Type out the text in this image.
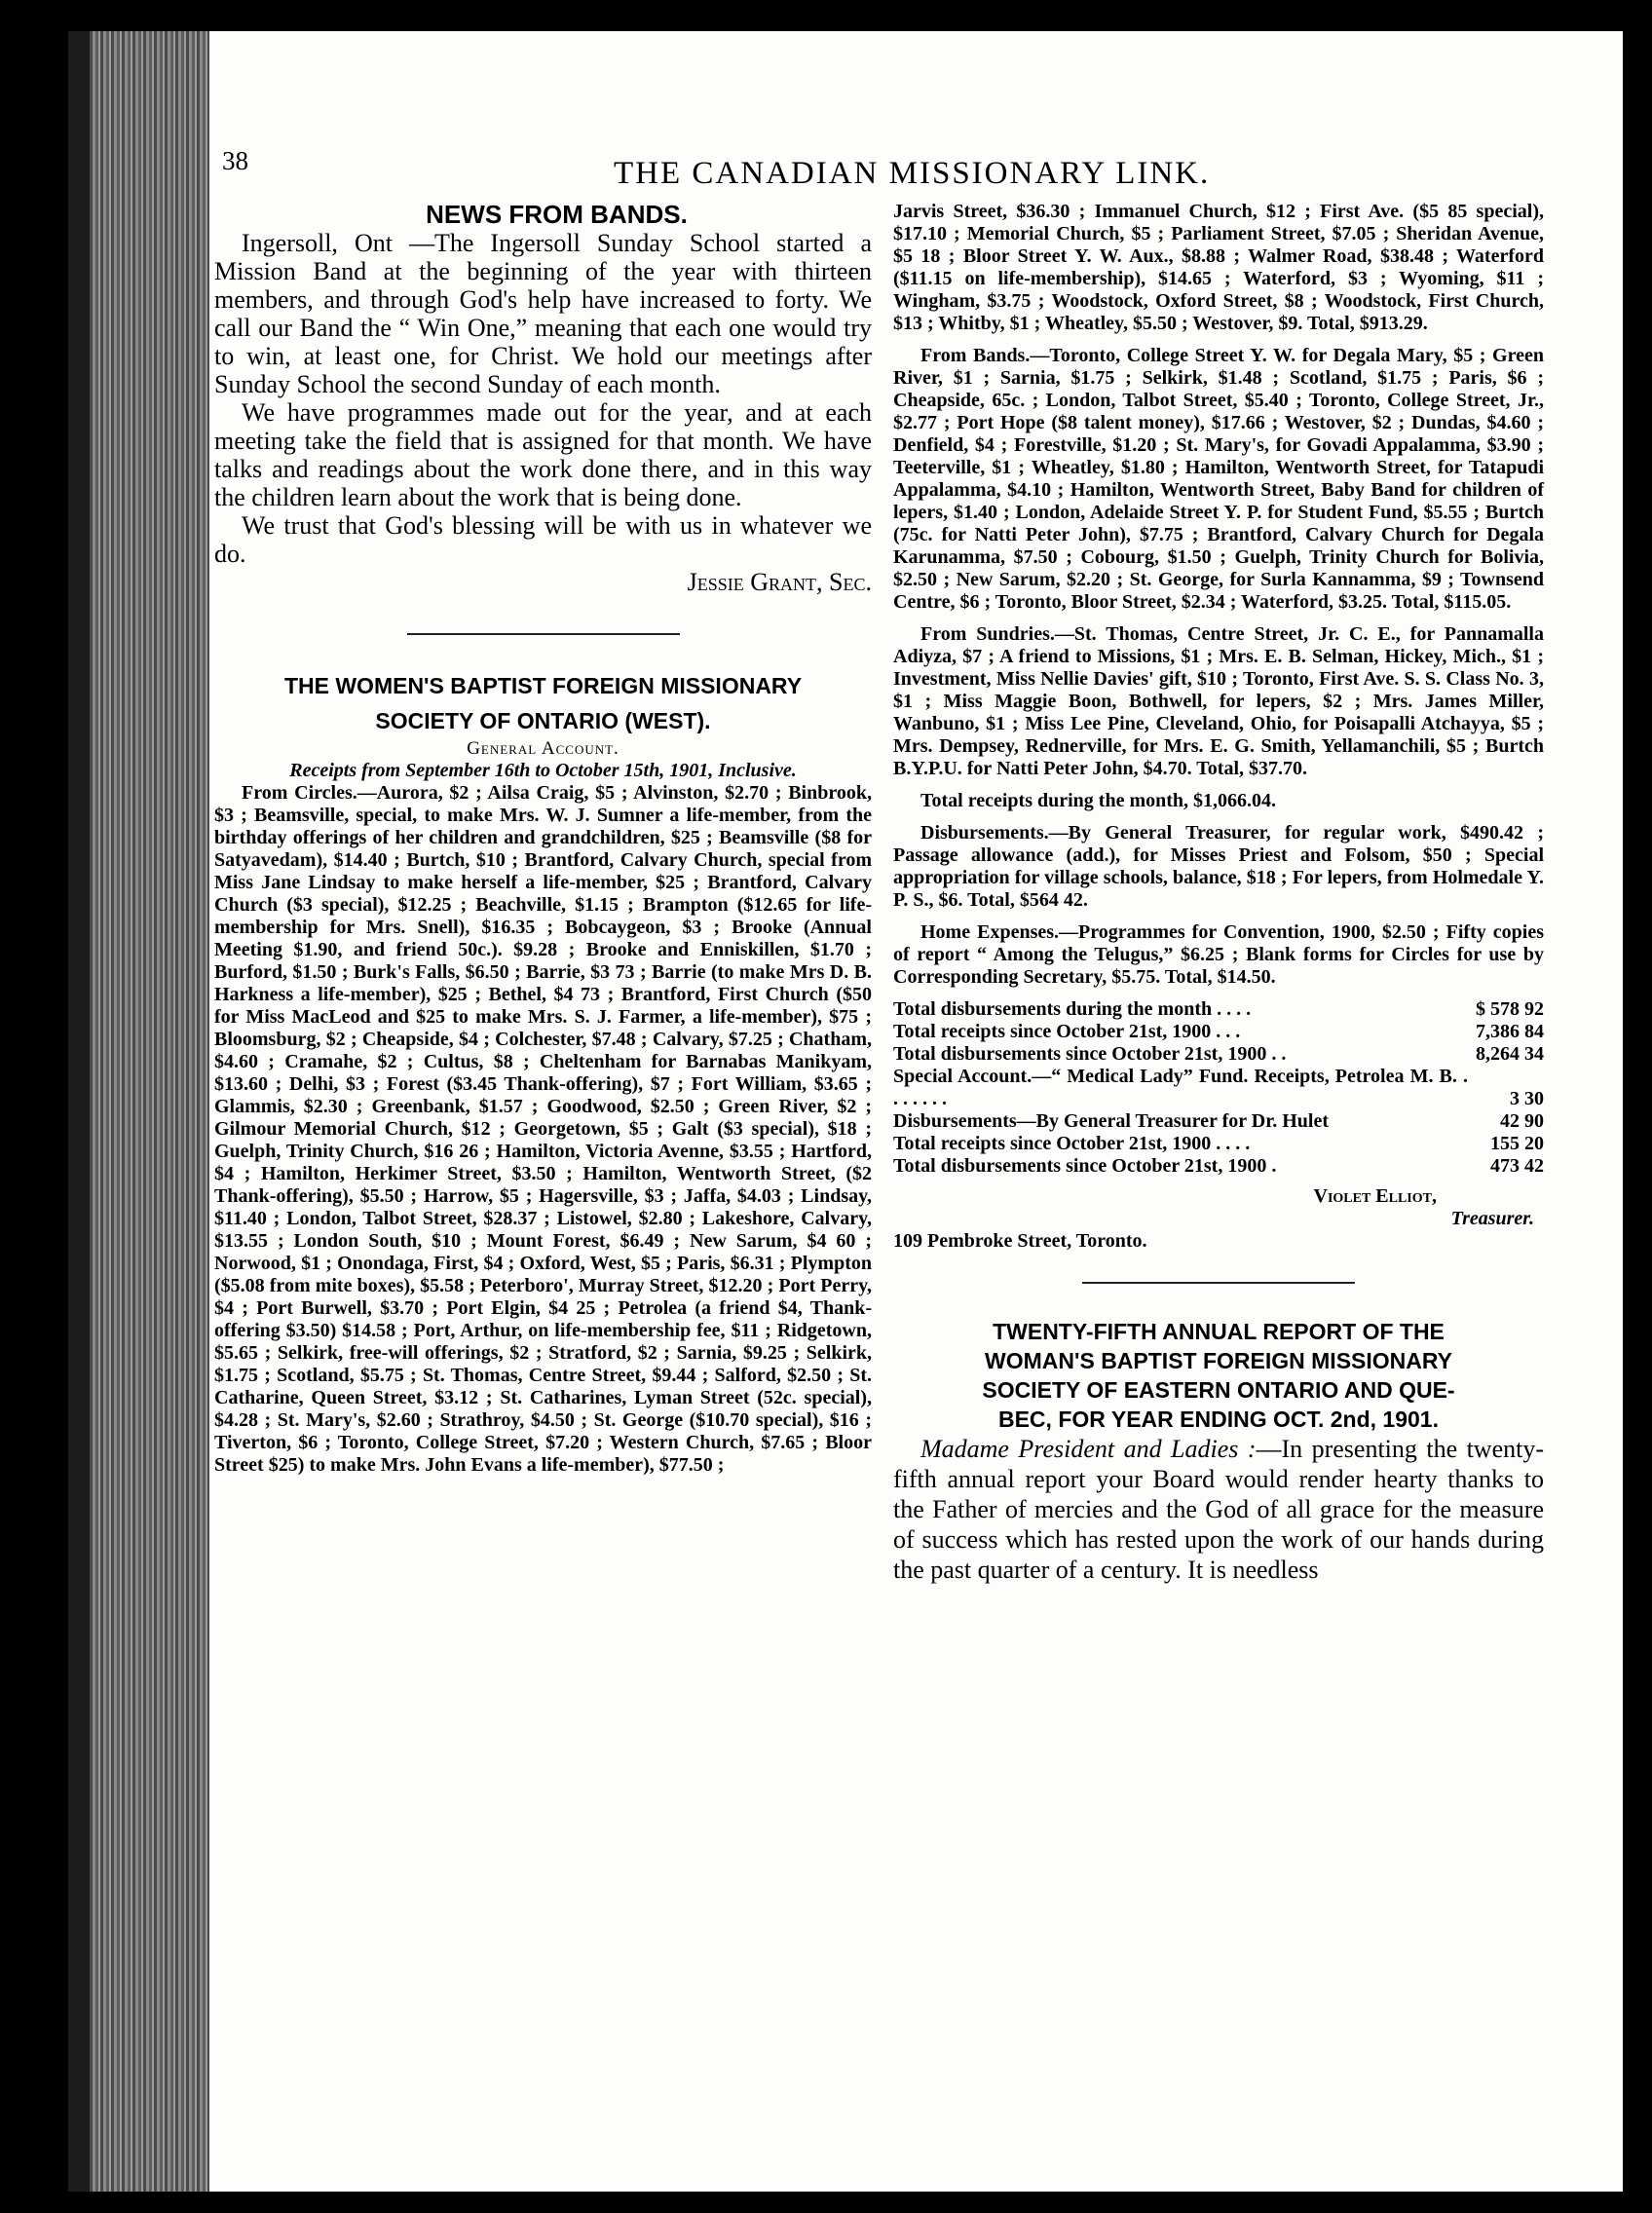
38	THE CANADIAN MISSIONARY LINK.

NEWS FROM BANDS.

Ingersoll, Ont —The Ingersoll Sunday School started a Mission Band at the beginning of the year with thirteen members, and through God's help have increased to forty. We call our Band the “ Win One,” meaning that each one would try to win, at least one, for Christ. We hold our meetings after Sunday School the second Sunday of each month.

We have programmes made out for the year, and at each meeting take the field that is assigned for that month. We have talks and readings about the work done there, and in this way the children learn about the work that is being done.

We trust that God's blessing will be with us in whatever we do.

Jessie Grant, Sec.

THE WOMEN'S BAPTIST FOREIGN MISSIONARY

SOCIETY OF ONTARIO (WEST).

General Account.

Receipts from September 16th to October 15th, 1901, Inclusive.

From Circles.—Aurora, $2 ; Ailsa Craig, $5 ; Alvinston, $2.70 ; Binbrook, $3 ; Beamsville, special, to make Mrs. W. J. Sumner a life-member, from the birthday offerings of her children and grandchildren, $25 ; Beamsville ($8 for Satyavedam), $14.40 ; Burtch, $10 ; Brantford, Calvary Church, special from Miss Jane Lindsay to make herself a life-member, $25 ; Brantford, Calvary Church ($3 special), $12.25 ; Beachville, $1.15 ; Brampton ($12.65 for life-membership for Mrs. Snell), $16.35 ; Bobcaygeon, $3 ; Brooke (Annual Meeting $1.90, and friend 50c.). $9.28 ; Brooke and Enniskillen, $1.70 ; Burford, $1.50 ; Burk's Falls, $6.50 ; Barrie, $3 73 ; Barrie (to make Mrs D. B. Harkness a life-member), $25 ; Bethel, $4 73 ; Brantford, First Church ($50 for Miss MacLeod and $25 to make Mrs. S. J. Farmer, a life-member), $75 ; Bloomsburg, $2 ; Cheapside, $4 ; Colchester, $7.48 ; Calvary, $7.25 ; Chatham, $4.60 ; Cramahe, $2 ; Cultus, $8 ; Cheltenham for Barnabas Manikyam, $13.60 ; Delhi, $3 ; Forest ($3.45 Thank-offering), $7 ; Fort William, $3.65 ; Glammis, $2.30 ; Greenbank, $1.57 ; Goodwood, $2.50 ; Green River, $2 ; Gilmour Memorial Church, $12 ; Georgetown, $5 ; Galt ($3 special), $18 ; Guelph, Trinity Church, $16 26 ; Hamilton, Victoria Avenne, $3.55 ; Hartford, $4 ; Hamilton, Herkimer Street, $3.50 ; Hamilton, Wentworth Street, ($2 Thank-offering), $5.50 ; Harrow, $5 ; Hagersville, $3 ; Jaffa, $4.03 ; Lindsay, $11.40 ; London, Talbot Street, $28.37 ; Listowel, $2.80 ; Lakeshore, Calvary, $13.55 ; London South, $10 ; Mount Forest, $6.49 ; New Sarum, $4 60 ; Norwood, $1 ; Onondaga, First, $4 ; Oxford, West, $5 ; Paris, $6.31 ; Plympton ($5.08 from mite boxes), $5.58 ; Peterboro', Murray Street, $12.20 ; Port Perry, $4 ; Port Burwell, $3.70 ; Port Elgin, $4 25 ; Petrolea (a friend $4, Thank-offering $3.50) $14.58 ; Port, Arthur, on life-membership fee, $11 ; Ridgetown, $5.65 ; Selkirk, free-will offerings, $2 ; Stratford, $2 ; Sarnia, $9.25 ; Selkirk, $1.75 ; Scotland, $5.75 ; St. Thomas, Centre Street, $9.44 ; Salford, $2.50 ; St. Catharine, Queen Street, $3.12 ; St. Catharines, Lyman Street (52c. special), $4.28 ; St. Mary's, $2.60 ; Strathroy, $4.50 ; St. George ($10.70 special), $16 ; Tiverton, $6 ; Toronto, College Street, $7.20 ; Western Church, $7.65 ; Bloor Street $25) to make Mrs. John Evans a life-member), $77.50 ;

Jarvis Street, $36.30 ; Immanuel Church, $12 ; First Ave. ($5 85 special), $17.10 ; Memorial Church, $5 ; Parliament Street, $7.05 ; Sheridan Avenue, $5 18 ; Bloor Street Y. W. Aux., $8.88 ; Walmer Road, $38.48 ; Waterford ($11.15 on life-membership), $14.65 ; Waterford, $3 ; Wyoming, $11 ; Wingham, $3.75 ; Woodstock, Oxford Street, $8 ; Woodstock, First Church, $13 ; Whitby, $1 ; Wheatley, $5.50 ; Westover, $9. Total, $913.29.

From Bands.—Toronto, College Street Y. W. for Degala Mary, $5 ; Green River, $1 ; Sarnia, $1.75 ; Selkirk, $1.48 ; Scotland, $1.75 ; Paris, $6 ; Cheapside, 65c. ; London, Talbot Street, $5.40 ; Toronto, College Street, Jr., $2.77 ; Port Hope ($8 talent money), $17.66 ; Westover, $2 ; Dundas, $4.60 ; Denfield, $4 ; Forestville, $1.20 ; St. Mary's, for Govadi Appalamma, $3.90 ; Teeterville, $1 ; Wheatley, $1.80 ; Hamilton, Wentworth Street, for Tatapudi Appalamma, $4.10 ; Hamilton, Wentworth Street, Baby Band for children of lepers, $1.40 ; London, Adelaide Street Y. P. for Student Fund, $5.55 ; Burtch (75c. for Natti Peter John), $7.75 ; Brantford, Calvary Church for Degala Karunamma, $7.50 ; Cobourg, $1.50 ; Guelph, Trinity Church for Bolivia, $2.50 ; New Sarum, $2.20 ; St. George, for Surla Kannamma, $9 ; Townsend Centre, $6 ; Toronto, Bloor Street, $2.34 ; Waterford, $3.25. Total, $115.05.

From Sundries.—St. Thomas, Centre Street, Jr. C. E., for Pannamalla Adiyza, $7 ; A friend to Missions, $1 ; Mrs. E. B. Selman, Hickey, Mich., $1 ; Investment, Miss Nellie Davies' gift, $10 ; Toronto, First Ave. S. S. Class No. 3, $1 ; Miss Maggie Boon, Bothwell, for lepers, $2 ; Mrs. James Miller, Wanbuno, $1 ; Miss Lee Pine, Cleveland, Ohio, for Poisapalli Atchayya, $5 ; Mrs. Dempsey, Rednerville, for Mrs. E. G. Smith, Yellamanchili, $5 ; Burtch B.Y.P.U. for Natti Peter John, $4.70. Total, $37.70.

Total receipts during the month, $1,066.04.

Disbursements.—By General Treasurer, for regular work, $490.42 ; Passage allowance (add.), for Misses Priest and Folsom, $50 ; Special appropriation for village schools, balance, $18 ; For lepers, from Holmedale Y. P. S., $6. Total, $564 42.

Home Expenses.—Programmes for Convention, 1900, $2.50 ; Fifty copies of report “ Among the Telugus,” $6.25 ; Blank forms for Circles for use by Corresponding Secretary, $5.75. Total, $14.50.

Total disbursements during the month . . . .	$ 578 92
Total receipts since October 21st, 1900 . . .	7,386 84
Total disbursements since October 21st, 1900 . .	8,264 34
Special Account.—“ Medical Lady” Fund. Receipts, Petrolea M. B. . . . . . . .	3 30
Disbursements—By General Treasurer for Dr. Hulet	42 90
Total receipts since October 21st, 1900 . . . .	155 20
Total disbursements since October 21st, 1900 .	473 42
Violet Elliot,
Treasurer.

109 Pembroke Street, Toronto.

TWENTY-FIFTH ANNUAL REPORT OF THE
WOMAN'S BAPTIST FOREIGN MISSIONARY
SOCIETY OF EASTERN ONTARIO AND QUE-
BEC, FOR YEAR ENDING OCT. 2nd, 1901.

Madame President and Ladies :—In presenting the twenty-fifth annual report your Board would render hearty thanks to the Father of mercies and the God of all grace for the measure of success which has rested upon the work of our hands during the past quarter of a century. It is needless
